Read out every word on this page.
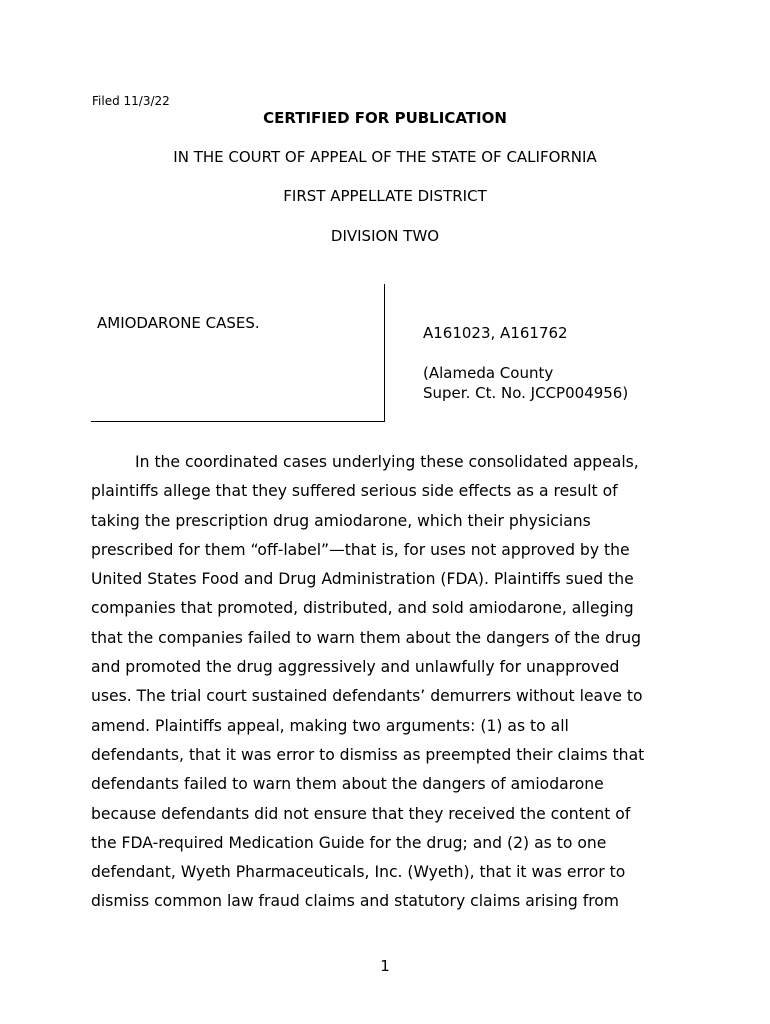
Filed 11/3/22
CERTIFIED FOR PUBLICATION
IN THE COURT OF APPEAL OF THE STATE OF CALIFORNIA
FIRST APPELLATE DISTRICT
DIVISION TWO
AMIODARONE CASES.
A161023, A161762
(Alameda County
Super. Ct. No. JCCP004956)

In the coordinated cases underlying these consolidated appeals,
plaintiffs allege that they suffered serious side effects as a result of
taking the prescription drug amiodarone, which their physicians
prescribed for them “off-label”—that is, for uses not approved by the
United States Food and Drug Administration (FDA). Plaintiffs sued the
companies that promoted, distributed, and sold amiodarone, alleging
that the companies failed to warn them about the dangers of the drug
and promoted the drug aggressively and unlawfully for unapproved
uses. The trial court sustained defendants’ demurrers without leave to
amend. Plaintiffs appeal, making two arguments: (1) as to all
defendants, that it was error to dismiss as preempted their claims that
defendants failed to warn them about the dangers of amiodarone
because defendants did not ensure that they received the content of
the FDA-required Medication Guide for the drug; and (2) as to one
defendant, Wyeth Pharmaceuticals, Inc. (Wyeth), that it was error to
dismiss common law fraud claims and statutory claims arising from

1
